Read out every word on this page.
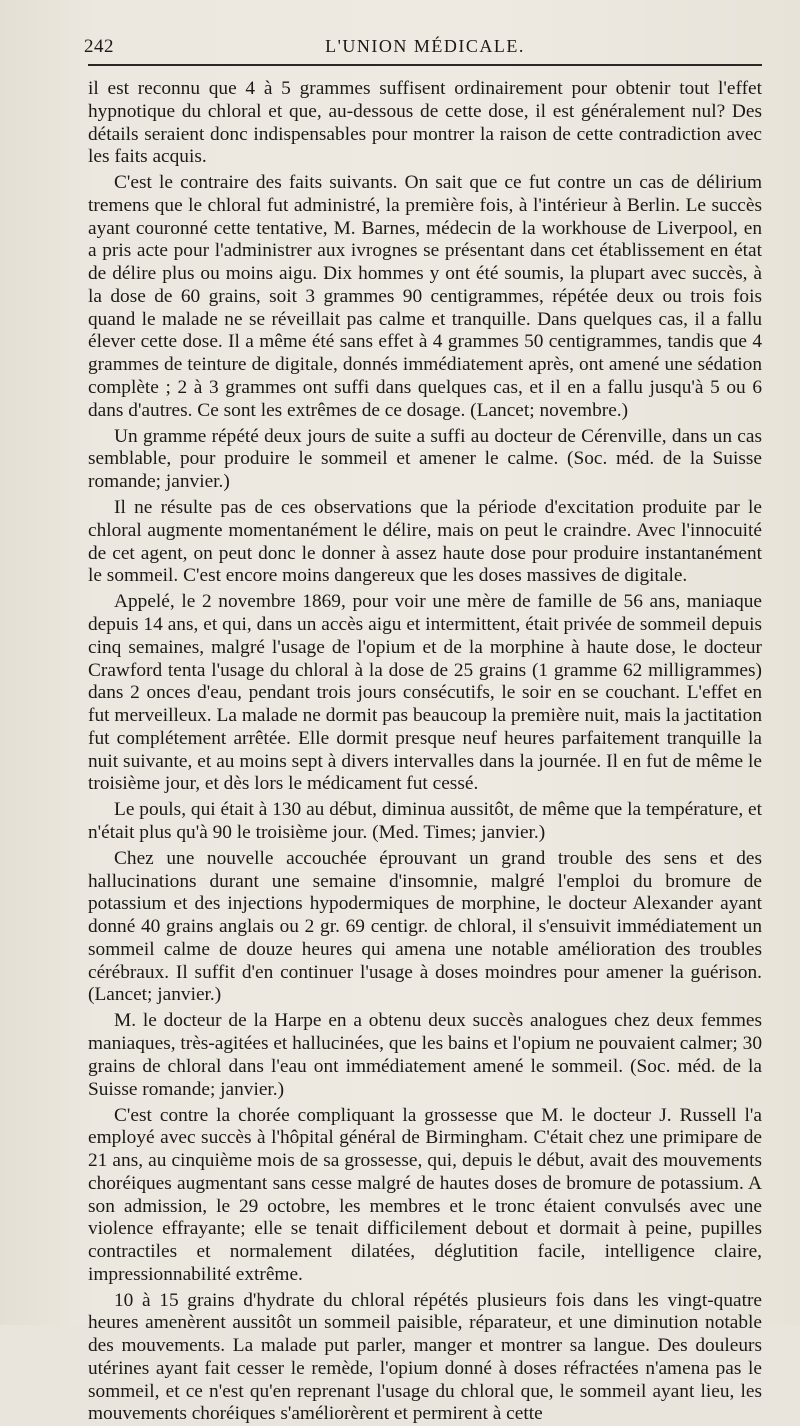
242	L'UNION MÉDICALE.

il est reconnu que 4 à 5 grammes suffisent ordinairement pour obtenir tout l'effet hypnotique du chloral et que, au-dessous de cette dose, il est généralement nul? Des détails seraient donc indispensables pour montrer la raison de cette contradiction avec les faits acquis.

C'est le contraire des faits suivants. On sait que ce fut contre un cas de délirium tremens que le chloral fut administré, la première fois, à l'intérieur à Berlin. Le succès ayant couronné cette tentative, M. Barnes, médecin de la workhouse de Liverpool, en a pris acte pour l'administrer aux ivrognes se présentant dans cet établissement en état de délire plus ou moins aigu. Dix hommes y ont été soumis, la plupart avec succès, à la dose de 60 grains, soit 3 grammes 90 centigrammes, répétée deux ou trois fois quand le malade ne se réveillait pas calme et tranquille. Dans quelques cas, il a fallu élever cette dose. Il a même été sans effet à 4 grammes 50 centigrammes, tandis que 4 grammes de teinture de digitale, donnés immédiatement après, ont amené une sédation complète ; 2 à 3 grammes ont suffi dans quelques cas, et il en a fallu jusqu'à 5 ou 6 dans d'autres. Ce sont les extrêmes de ce dosage. (Lancet; novembre.)

Un gramme répété deux jours de suite a suffi au docteur de Cérenville, dans un cas semblable, pour produire le sommeil et amener le calme. (Soc. méd. de la Suisse romande; janvier.)

Il ne résulte pas de ces observations que la période d'excitation produite par le chloral augmente momentanément le délire, mais on peut le craindre. Avec l'innocuité de cet agent, on peut donc le donner à assez haute dose pour produire instantanément le sommeil. C'est encore moins dangereux que les doses massives de digitale.

Appelé, le 2 novembre 1869, pour voir une mère de famille de 56 ans, maniaque depuis 14 ans, et qui, dans un accès aigu et intermittent, était privée de sommeil depuis cinq semaines, malgré l'usage de l'opium et de la morphine à haute dose, le docteur Crawford tenta l'usage du chloral à la dose de 25 grains (1 gramme 62 milligrammes) dans 2 onces d'eau, pendant trois jours consécutifs, le soir en se couchant. L'effet en fut merveilleux. La malade ne dormit pas beaucoup la première nuit, mais la jactitation fut complétement arrêtée. Elle dormit presque neuf heures parfaitement tranquille la nuit suivante, et au moins sept à divers intervalles dans la journée. Il en fut de même le troisième jour, et dès lors le médicament fut cessé.

Le pouls, qui était à 130 au début, diminua aussitôt, de même que la température, et n'était plus qu'à 90 le troisième jour. (Med. Times; janvier.)

Chez une nouvelle accouchée éprouvant un grand trouble des sens et des hallucinations durant une semaine d'insomnie, malgré l'emploi du bromure de potassium et des injections hypodermiques de morphine, le docteur Alexander ayant donné 40 grains anglais ou 2 gr. 69 centigr. de chloral, il s'ensuivit immédiatement un sommeil calme de douze heures qui amena une notable amélioration des troubles cérébraux. Il suffit d'en continuer l'usage à doses moindres pour amener la guérison. (Lancet; janvier.)

M. le docteur de la Harpe en a obtenu deux succès analogues chez deux femmes maniaques, très-agitées et hallucinées, que les bains et l'opium ne pouvaient calmer; 30 grains de chloral dans l'eau ont immédiatement amené le sommeil. (Soc. méd. de la Suisse romande; janvier.)

C'est contre la chorée compliquant la grossesse que M. le docteur J. Russell l'a employé avec succès à l'hôpital général de Birmingham. C'était chez une primipare de 21 ans, au cinquième mois de sa grossesse, qui, depuis le début, avait des mouvements choréiques augmentant sans cesse malgré de hautes doses de bromure de potassium. A son admission, le 29 octobre, les membres et le tronc étaient convulsés avec une violence effrayante; elle se tenait difficilement debout et dormait à peine, pupilles contractiles et normalement dilatées, déglutition facile, intelligence claire, impressionnabilité extrême.

10 à 15 grains d'hydrate du chloral répétés plusieurs fois dans les vingt-quatre heures amenèrent aussitôt un sommeil paisible, réparateur, et une diminution notable des mouvements. La malade put parler, manger et montrer sa langue. Des douleurs utérines ayant fait cesser le remède, l'opium donné à doses réfractées n'amena pas le sommeil, et ce n'est qu'en reprenant l'usage du chloral que, le sommeil ayant lieu, les mouvements choréiques s'améliorèrent et permirent à cette
